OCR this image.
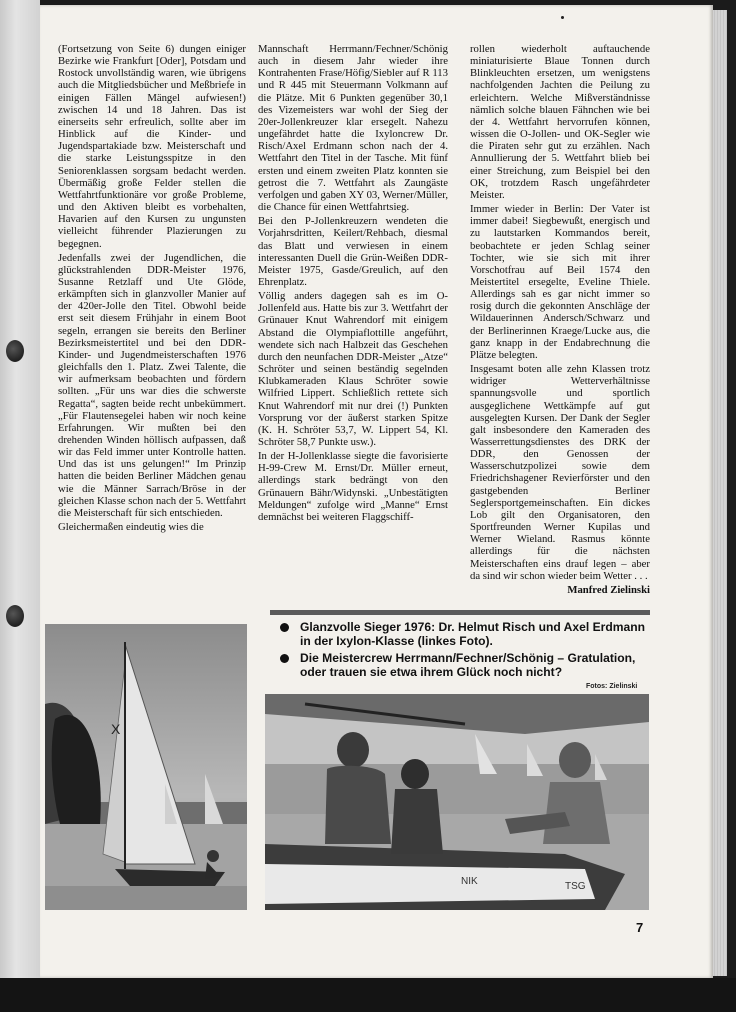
(Fortsetzung von Seite 6) dungen einiger Bezirke wie Frankfurt [Oder], Potsdam und Rostock unvollständig waren, wie übrigens auch die Mitgliedsbücher und Meßbriefe in einigen Fällen Mängel aufwiesen!) zwischen 14 und 18 Jahren. Das ist einerseits sehr erfreulich, sollte aber im Hinblick auf die Kinder- und Jugendspartakiade bzw. Meisterschaft und die starke Leistungsspitze in den Seniorenklassen sorgsam bedacht werden. Übermäßig große Felder stellen die Wettfahrtfunktionäre vor große Probleme, und den Aktiven bleibt es vorbehalten, Havarien auf den Kursen zu ungunsten vielleicht führender Plazierungen zu begegnen.

Jedenfalls zwei der Jugendlichen, die glückstrahlenden DDR-Meister 1976, Susanne Retzlaff und Ute Glöde, erkämpften sich in glanzvoller Manier auf der 420er-Jolle den Titel. Obwohl beide erst seit diesem Frühjahr in einem Boot segeln, errangen sie bereits den Berliner Bezirksmeistertitel und bei den DDR-Kinder- und Jugendmeisterschaften 1976 gleichfalls den 1. Platz. Zwei Talente, die wir aufmerksam beobachten und fördern sollten. „Für uns war dies die schwerste Regatta“, sagten beide recht unbekümmert. „Für Flautensegelei haben wir noch keine Erfahrungen. Wir mußten bei den drehenden Winden höllisch aufpassen, daß wir das Feld immer unter Kontrolle hatten. Und das ist uns gelungen!“ Im Prinzip hatten die beiden Berliner Mädchen genau wie die Männer Sarrach/Bröse in der gleichen Klasse schon nach der 5. Wettfahrt die Meisterschaft für sich entschieden.

Gleichermaßen eindeutig wies die

Mannschaft Herrmann/Fechner/Schönig auch in diesem Jahr wieder ihre Kontrahenten Frase/Höfig/Siebler auf R 113 und R 445 mit Steuermann Volkmann auf die Plätze. Mit 6 Punkten gegenüber 30,1 des Vizemeisters war wohl der Sieg der 20er-Jollenkreuzer klar ersegelt. Nahezu ungefährdet hatte die Ixyloncrew Dr. Risch/Axel Erdmann schon nach der 4. Wettfahrt den Titel in der Tasche. Mit fünf ersten und einem zweiten Platz konnten sie getrost die 7. Wettfahrt als Zaungäste verfolgen und gaben XY 03, Werner/Müller, die Chance für einen Wettfahrtsieg.

Bei den P-Jollenkreuzern wendeten die Vorjahrsdritten, Keilert/Rehbach, diesmal das Blatt und verwiesen in einem interessanten Duell die Grün-Weißen DDR-Meister 1975, Gasde/Greulich, auf den Ehrenplatz.

Völlig anders dagegen sah es im O-Jollenfeld aus. Hatte bis zur 3. Wettfahrt der Grünauer Knut Wahrendorf mit einigem Abstand die Olympiaflottille angeführt, wendete sich nach Halbzeit das Geschehen durch den neunfachen DDR-Meister „Atze“ Schröter und seinen beständig segelnden Klubkameraden Klaus Schröter sowie Wilfried Lippert. Schließlich rettete sich Knut Wahrendorf mit nur drei (!) Punkten Vorsprung vor der äußerst starken Spitze (K. H. Schröter 53,7, W. Lippert 54, Kl. Schröter 58,7 Punkte usw.).

In der H-Jollenklasse siegte die favorisierte H-99-Crew M. Ernst/Dr. Müller erneut, allerdings stark bedrängt von den Grünauern Bähr/Widynski. „Unbestätigten Meldungen“ zufolge wird „Manne“ Ernst demnächst bei weiteren Flaggschiff-

rollen wiederholt auftauchende miniaturisierte Blaue Tonnen durch Blinkleuchten ersetzen, um wenigstens nachfolgenden Jachten die Peilung zu erleichtern. Welche Mißverständnisse nämlich solche blauen Fähnchen wie bei der 4. Wettfahrt hervorrufen können, wissen die O-Jollen- und OK-Segler wie die Piraten sehr gut zu erzählen. Nach Annullierung der 5. Wettfahrt blieb bei einer Streichung, zum Beispiel bei den OK, trotzdem Rasch ungefährdeter Meister.

Immer wieder in Berlin: Der Vater ist immer dabei! Siegbewußt, energisch und zu lautstarken Kommandos bereit, beobachtete er jeden Schlag seiner Tochter, wie sie sich mit ihrer Vorschotfrau auf Beil 1574 den Meistertitel ersegelte, Eveline Thiele. Allerdings sah es gar nicht immer so rosig durch die gekonnten Anschläge der Wildauerinnen Andersch/Schwarz und der Berlinerinnen Kraege/Lucke aus, die ganz knapp in der Endabrechnung die Plätze belegten.

Insgesamt boten alle zehn Klassen trotz widriger Wetterverhältnisse spannungsvolle und sportlich ausgeglichene Wettkämpfe auf gut ausgelegten Kursen. Der Dank der Segler galt insbesondere den Kameraden des Wasserrettungsdienstes des DRK der DDR, den Genossen der Wasserschutzpolizei sowie dem Friedrichshagener Revierförster und den gastgebenden Berliner Seglersportgemeinschaften. Ein dickes Lob gilt den Organisatoren, den Sportfreunden Werner Kupilas und Werner Wieland. Rasmus könnte allerdings für die nächsten Meisterschaften eins drauf legen – aber da sind wir schon wieder beim Wetter . . .

Manfred Zielinski

Glanzvolle Sieger 1976: Dr. Helmut Risch und Axel Erdmann in der Ixylon-Klasse (linkes Foto).
Die Meistercrew Herrmann/Fechner/Schönig – Gratulation, oder trauen sie etwa ihrem Glück noch nicht?
Fotos: Zielinski
X
NIK	TSG
7
